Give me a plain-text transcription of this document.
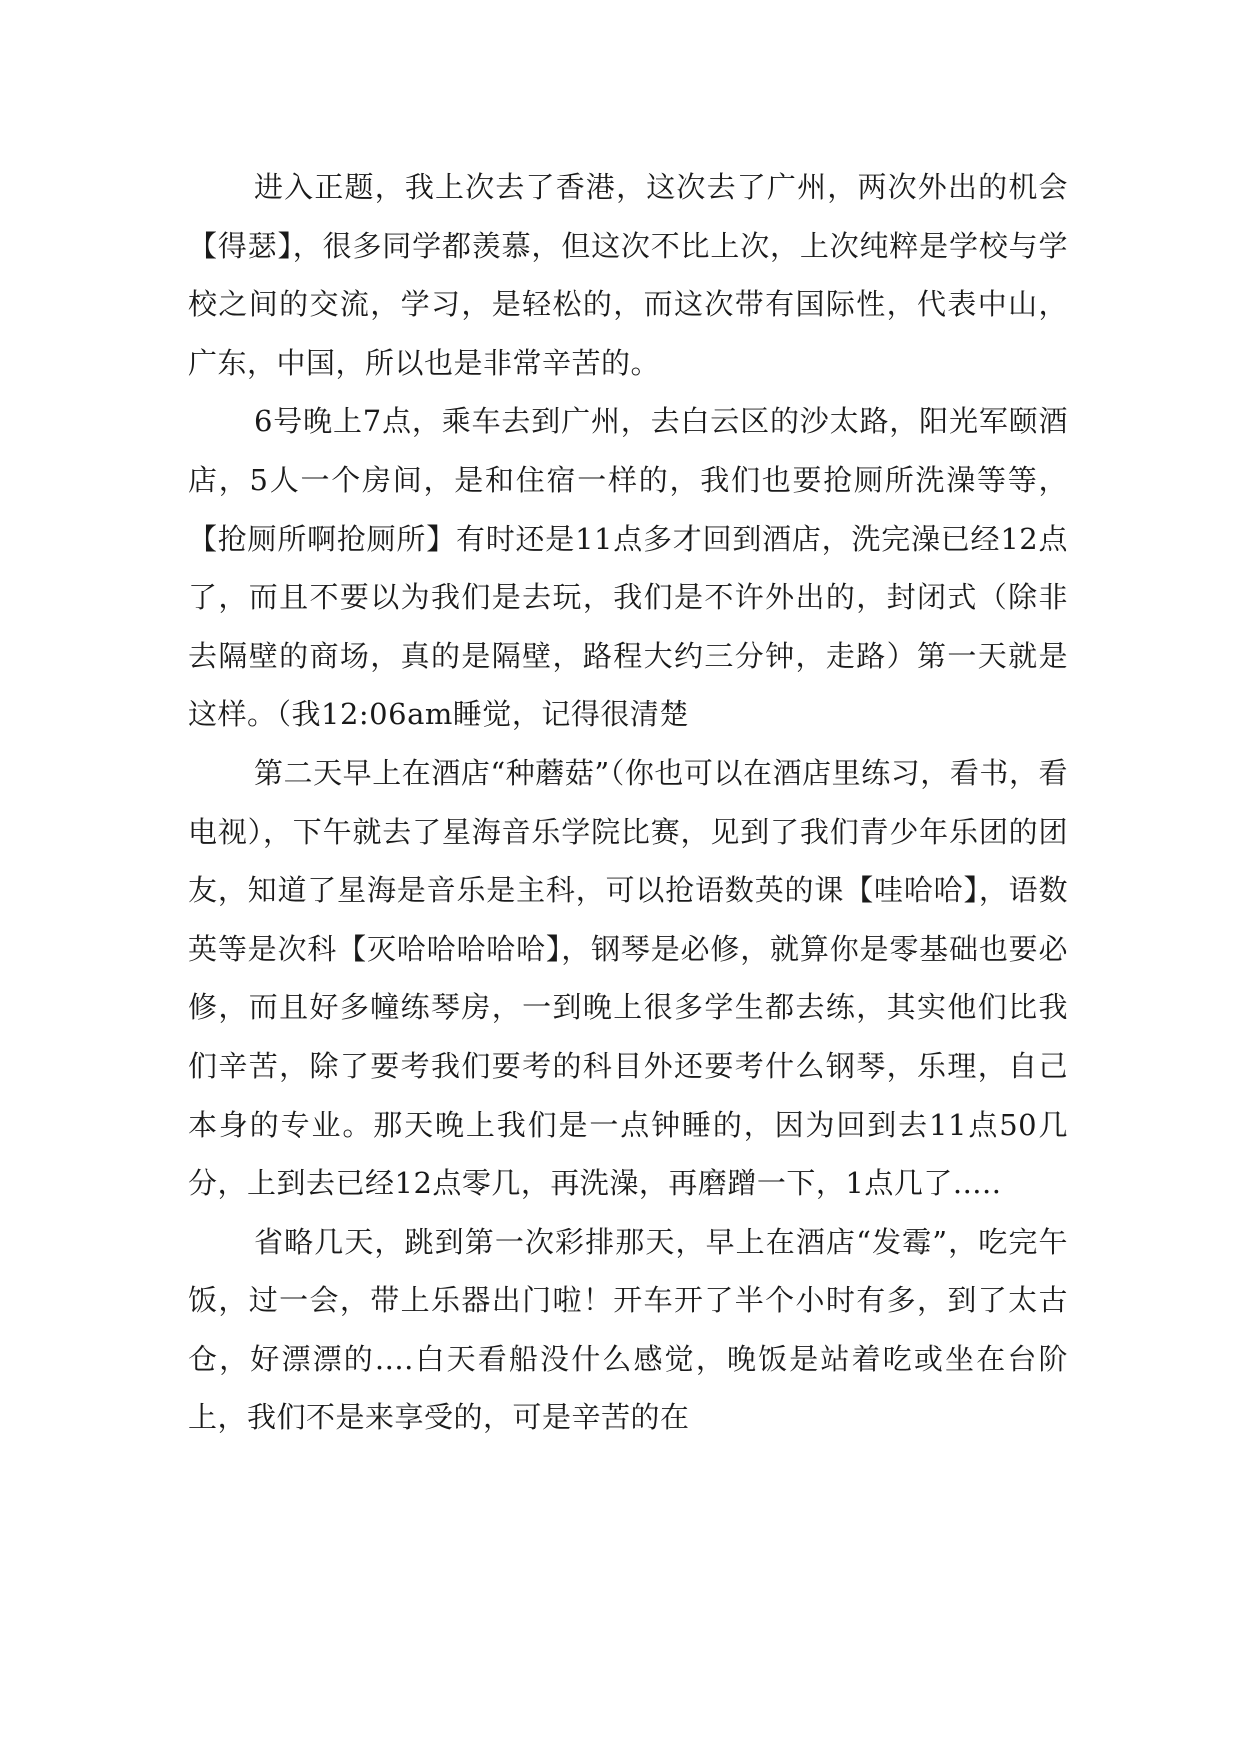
进入正题，我上次去了香港，这次去了广州，两次外出的机会【得瑟】，很多同学都羡慕，但这次不比上次，上次纯粹是学校与学校之间的交流，学习，是轻松的，而这次带有国际性，代表中山，广东，中国，所以也是非常辛苦的。

6号晚上7点，乘车去到广州，去白云区的沙太路，阳光军颐酒店，5人一个房间，是和住宿一样的，我们也要抢厕所洗澡等等，【抢厕所啊抢厕所】有时还是11点多才回到酒店，洗完澡已经12点了，而且不要以为我们是去玩，我们是不许外出的，封闭式（除非去隔壁的商场，真的是隔壁，路程大约三分钟，走路）第一天就是这样。（我12:06am睡觉，记得很清楚

第二天早上在酒店“种蘑菇”（你也可以在酒店里练习，看书，看电视），下午就去了星海音乐学院比赛，见到了我们青少年乐团的团友，知道了星海是音乐是主科，可以抢语数英的课【哇哈哈】，语数英等是次科【灭哈哈哈哈哈】，钢琴是必修，就算你是零基础也要必修，而且好多幢练琴房，一到晚上很多学生都去练，其实他们比我们辛苦，除了要考我们要考的科目外还要考什么钢琴，乐理，自己本身的专业。那天晚上我们是一点钟睡的，因为回到去11点50几分，上到去已经12点零几，再洗澡，再磨蹭一下，1点几了.....

省略几天，跳到第一次彩排那天，早上在酒店“发霉”，吃完午饭，过一会，带上乐器出门啦！开车开了半个小时有多，到了太古仓，好漂漂的....白天看船没什么感觉，晚饭是站着吃或坐在台阶上，我们不是来享受的，可是辛苦的在
